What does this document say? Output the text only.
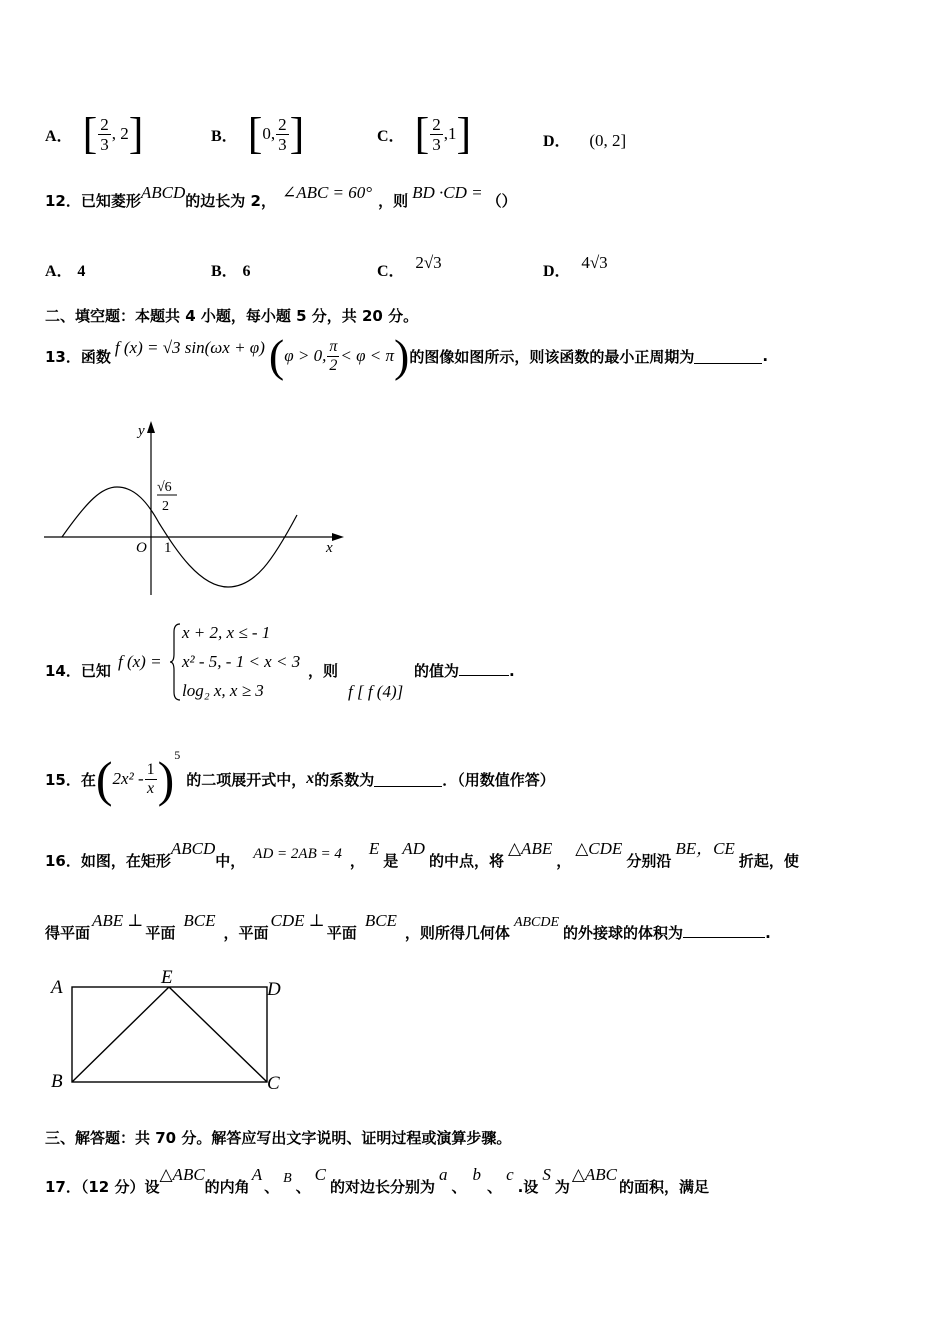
A． [ $\frac{2}{3}$ , 2 ]	B． [ 0, $\frac{2}{3}$ ]	C． [ $\frac{2}{3} ,1$ ]	D． (0, 2]
12．已知菱形ABCD的边长为 2， ∠ABC = 60° ，则 BD ·CD = （）
A． 4	B． 6	C． 2√3	D． 4√3
二、填空题：本题共 4 小题，每小题 5 分，共 20 分。
13． 函数 f (x) = √3 sin(ωx + φ) ( φ > 0, $\frac{\pi}{2} < \varphi < \pi$ ) 的图像如图所示，则该函数的最小正周期为	.
y
x
O 1
√6
2
14．已知 f (x) =
x + 2, x ≤ - 1
x² - 5, - 1 < x < 3
log₂ x, x ≥ 3
，则
f [ f (4)]
的值为	.
15． 在 ( $2x^2 - \frac{1}{x}$ ) 5
的二项展开式中， x 的系数为	．（用数值作答）
16．如图，在矩形ABCD中， AD = 2AB = 4 ，E是AD的中点，将△ABE，△CDE分别沿BE，CE折起，使
得平面ABE ⊥平面BCE，平面CDE ⊥平面BCE，则所得几何体ABCDE的外接球的体积为	.
A	E
D
B	C
三、解答题：共 70 分。解答应写出文字说明、证明过程或演算步骤。
17．（12 分）设△ABC的内角A、 B 、C的对边长分别为a、b、c.设S为△ABC的面积，满足
